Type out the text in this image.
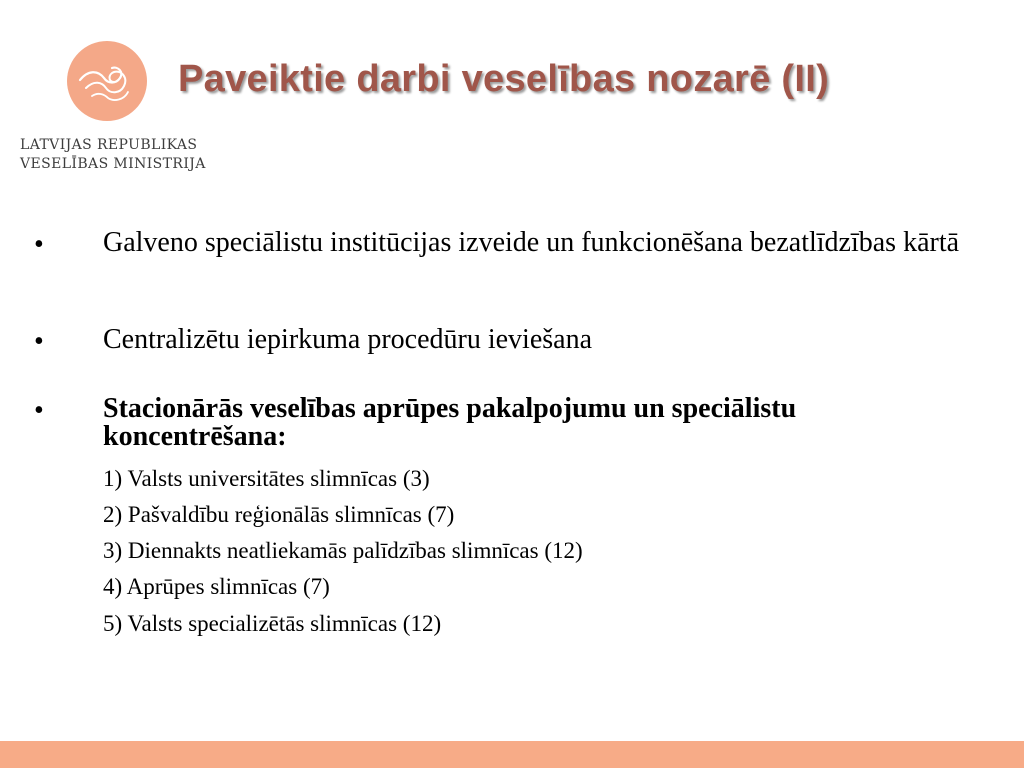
LATVIJAS REPUBLIKAS
VESELĪBAS MINISTRIJA
Paveiktie darbi veselības nozarē (II)
• Galveno speciālistu institūcijas izveide un funkcionēšana bezatlīdzības kārtā
• Centralizētu iepirkuma procedūru ieviešana
• Stacionārās veselības aprūpes pakalpojumu un speciālistu koncentrēšana:
1) Valsts universitātes slimnīcas (3)
2) Pašvaldību reģionālās slimnīcas (7)
3) Diennakts neatliekamās palīdzības slimnīcas (12)
4) Aprūpes slimnīcas (7)
5) Valsts specializētās slimnīcas (12)
